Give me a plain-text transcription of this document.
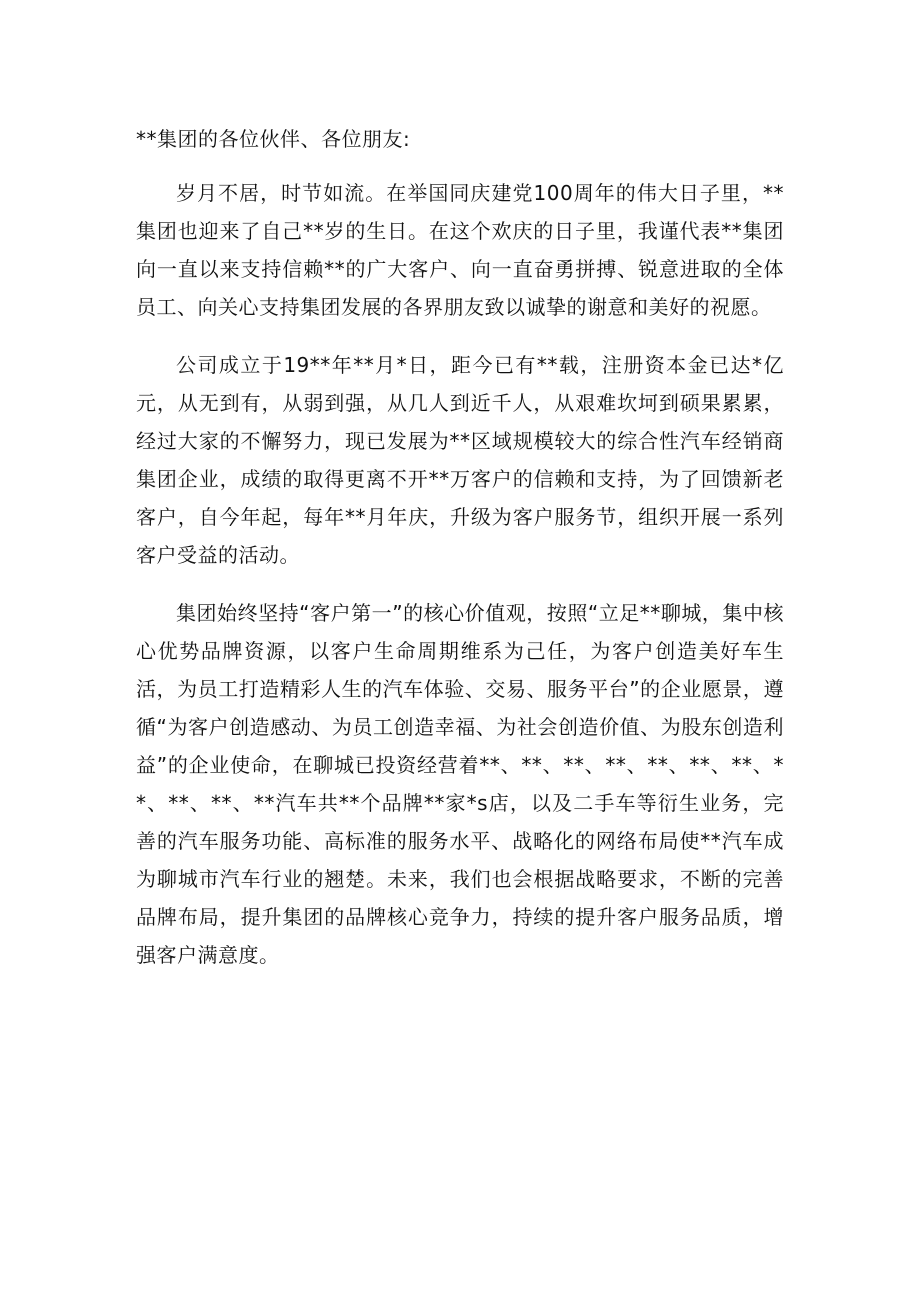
**集团的各位伙伴、各位朋友:

岁月不居，时节如流。在举国同庆建党100周年的伟大日子里，**集团也迎来了自己**岁的生日。在这个欢庆的日子里，我谨代表**集团向一直以来支持信赖**的广大客户、向一直奋勇拼搏、锐意进取的全体员工、向关心支持集团发展的各界朋友致以诚挚的谢意和美好的祝愿。

公司成立于19**年**月*日，距今已有**载，注册资本金已达*亿元，从无到有，从弱到强，从几人到近千人，从艰难坎坷到硕果累累，经过大家的不懈努力，现已发展为**区域规模较大的综合性汽车经销商集团企业，成绩的取得更离不开**万客户的信赖和支持，为了回馈新老客户，自今年起，每年**月年庆，升级为客户服务节，组织开展一系列客户受益的活动。

集团始终坚持“客户第一”的核心价值观，按照“立足**聊城，集中核心优势品牌资源，以客户生命周期维系为己任，为客户创造美好车生活，为员工打造精彩人生的汽车体验、交易、服务平台”的企业愿景，遵循“为客户创造感动、为员工创造幸福、为社会创造价值、为股东创造利益”的企业使命，在聊城已投资经营着**、**、**、**、**、**、**、**、**、**、**汽车共**个品牌**家*s店，以及二手车等衍生业务，完善的汽车服务功能、高标准的服务水平、战略化的网络布局使**汽车成为聊城市汽车行业的翘楚。未来，我们也会根据战略要求，不断的完善品牌布局，提升集团的品牌核心竞争力，持续的提升客户服务品质，增强客户满意度。
